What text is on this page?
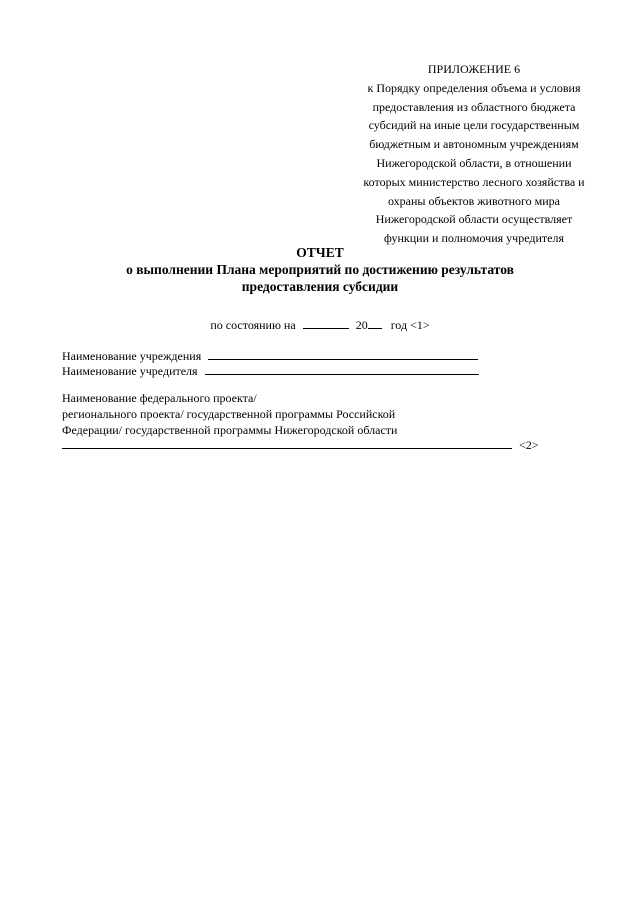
ПРИЛОЖЕНИЕ 6
к Порядку определения объема и условия
предоставления из областного бюджета
субсидий на иные цели государственным
бюджетным и автономным учреждениям
Нижегородской области, в отношении
которых министерство лесного хозяйства и
охраны объектов животного мира
Нижегородской области осуществляет
функции и полномочия учредителя
ОТЧЕТ
о выполнении Плана мероприятий по достижению результатов
предоставления субсидии
по состоянию на	20 год <1>
Наименование учреждения
Наименование учредителя
Наименование федерального проекта/
регионального проекта/ государственной программы Российской
Федерации/ государственной программы Нижегородской области
<2>
